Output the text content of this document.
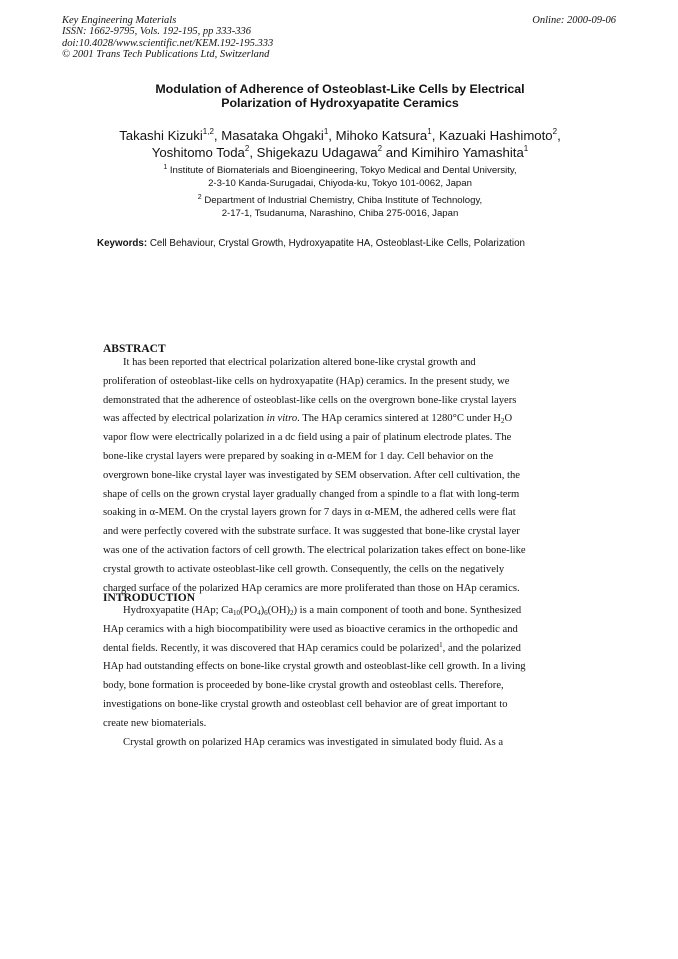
Key Engineering Materials
ISSN: 1662-9795, Vols. 192-195, pp 333-336
doi:10.4028/www.scientific.net/KEM.192-195.333
© 2001 Trans Tech Publications Ltd, Switzerland
Online: 2000-09-06
Modulation of Adherence of Osteoblast-Like Cells by Electrical
Polarization of Hydroxyapatite Ceramics
Takashi Kizuki$^{1,2}$, Masataka Ohgaki$^1$, Mihoko Katsura$^1$, Kazuaki Hashimoto$^2$,
Yoshitomo Toda$^2$, Shigekazu Udagawa$^2$ and Kimihiro Yamashita$^1$
$^1$ Institute of Biomaterials and Bioengineering, Tokyo Medical and Dental University,
2-3-10 Kanda-Surugadai, Chiyoda-ku, Tokyo 101-0062, Japan
$^2$ Department of Industrial Chemistry, Chiba Institute of Technology,
2-17-1, Tsudanuma, Narashino, Chiba 275-0016, Japan
Keywords: Cell Behaviour, Crystal Growth, Hydroxyapatite HA, Osteoblast-Like Cells, Polarization
ABSTRACT
It has been reported that electrical polarization altered bone-like crystal growth and
proliferation of osteoblast-like cells on hydroxyapatite (HAp) ceramics. In the present study, we
demonstrated that the adherence of osteoblast-like cells on the overgrown bone-like crystal layers
was affected by electrical polarization in vitro. The HAp ceramics sintered at 1280°C under $H_2O$
vapor flow were electrically polarized in a dc field using a pair of platinum electrode plates. The
bone-like crystal layers were prepared by soaking in α-MEM for 1 day. Cell behavior on the
overgrown bone-like crystal layer was investigated by SEM observation. After cell cultivation, the
shape of cells on the grown crystal layer gradually changed from a spindle to a flat with long-term
soaking in α-MEM. On the crystal layers grown for 7 days in α-MEM, the adhered cells were flat
and were perfectly covered with the substrate surface. It was suggested that bone-like crystal layer
was one of the activation factors of cell growth. The electrical polarization takes effect on bone-like
crystal growth to activate osteoblast-like cell growth. Consequently, the cells on the negatively
charged surface of the polarized HAp ceramics are more proliferated than those on HAp ceramics.
INTRODUCTION
Hydroxyapatite (HAp; $Ca_{10}(PO_4)_6(OH)_2$) is a main component of tooth and bone. Synthesized
HAp ceramics with a high biocompatibility were used as bioactive ceramics in the orthopedic and
dental fields. Recently, it was discovered that HAp ceramics could be polarized$^1$, and the polarized
HAp had outstanding effects on bone-like crystal growth and osteoblast-like cell growth. In a living
body, bone formation is proceeded by bone-like crystal growth and osteoblast cells. Therefore,
investigations on bone-like crystal growth and osteoblast cell behavior are of great important to
create new biomaterials.
Crystal growth on polarized HAp ceramics was investigated in simulated body fluid. As a
